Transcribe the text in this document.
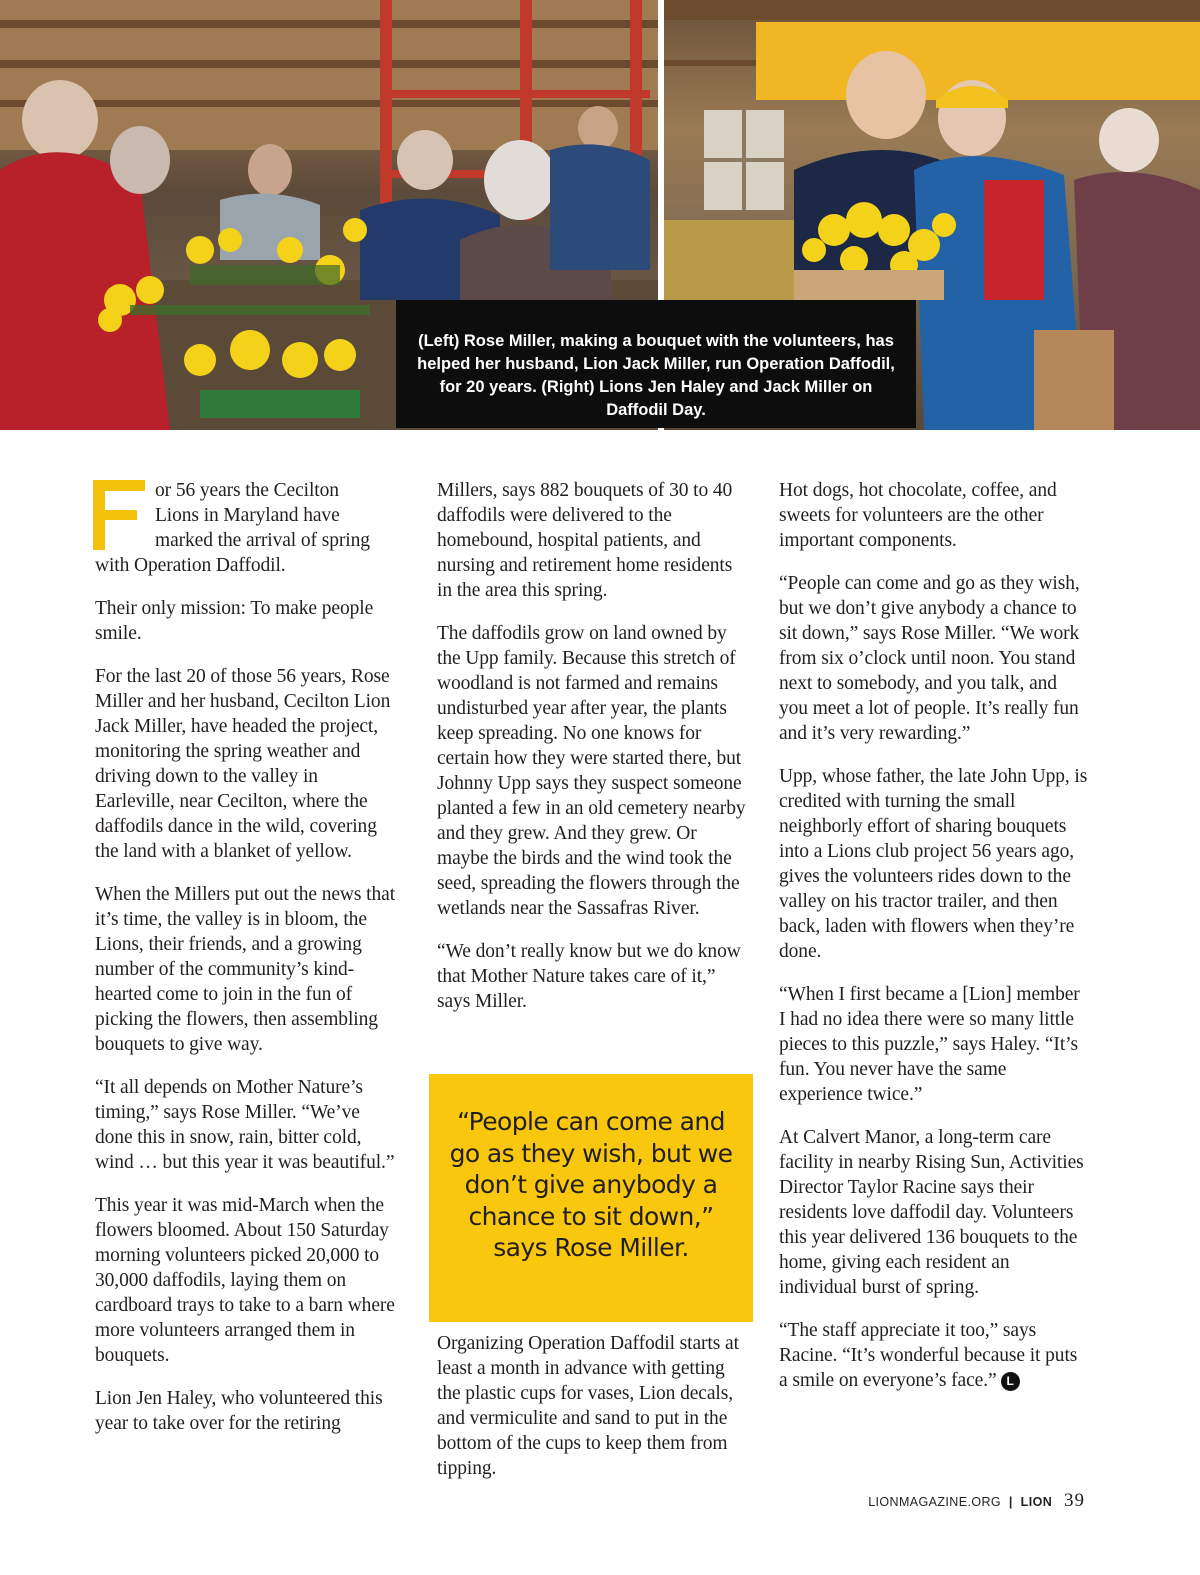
(Left) Rose Miller, making a bouquet with the volunteers, has helped her husband, Lion Jack Miller, run Operation Daffodil, for 20 years. (Right) Lions Jen Haley and Jack Miller on Daffodil Day.

or 56 years the Cecilton
Lions in Maryland have
marked the arrival of spring
with Operation Daffodil.

Their only mission: To make people smile.

For the last 20 of those 56 years, Rose Miller and her husband, Cecilton Lion Jack Miller, have headed the project, monitoring the spring weather and driving down to the valley in Earleville, near Cecilton, where the daffodils dance in the wild, covering the land with a blanket of yellow.

When the Millers put out the news that it’s time, the valley is in bloom, the Lions, their friends, and a growing number of the community’s kind-hearted come to join in the fun of picking the flowers, then assembling bouquets to give way.

“It all depends on Mother Nature’s timing,” says Rose Miller. “We’ve done this in snow, rain, bitter cold, wind … but this year it was beautiful.”

This year it was mid-March when the flowers bloomed. About 150 Saturday morning volunteers picked 20,000 to 30,000 daffodils, laying them on cardboard trays to take to a barn where more volunteers arranged them in bouquets.

Lion Jen Haley, who volunteered this year to take over for the retiring

Millers, says 882 bouquets of 30 to 40 daffodils were delivered to the homebound, hospital patients, and nursing and retirement home residents in the area this spring.

The daffodils grow on land owned by the Upp family. Because this stretch of woodland is not farmed and remains undisturbed year after year, the plants keep spreading. No one knows for certain how they were started there, but Johnny Upp says they suspect someone planted a few in an old cemetery nearby and they grew. And they grew. Or maybe the birds and the wind took the seed, spreading the flowers through the wetlands near the Sassafras River.

“We don’t really know but we do know that Mother Nature takes care of it,” says Miller.

“People can come and go as they wish, but we don’t give anybody a chance to sit down,” says Rose Miller.

Organizing Operation Daffodil starts at least a month in advance with getting the plastic cups for vases, Lion decals, and vermiculite and sand to put in the bottom of the cups to keep them from tipping.

Hot dogs, hot chocolate, coffee, and sweets for volunteers are the other important components.

“People can come and go as they wish, but we don’t give anybody a chance to sit down,” says Rose Miller. “We work from six o’clock until noon. You stand next to somebody, and you talk, and you meet a lot of people. It’s really fun and it’s very rewarding.”

Upp, whose father, the late John Upp, is credited with turning the small neighborly effort of sharing bouquets into a Lions club project 56 years ago, gives the volunteers rides down to the valley on his tractor trailer, and then back, laden with flowers when they’re done.

“When I first became a [Lion] member I had no idea there were so many little pieces to this puzzle,” says Haley. “It’s fun. You never have the same experience twice.”

At Calvert Manor, a long-term care facility in nearby Rising Sun, Activities Director Taylor Racine says their residents love daffodil day. Volunteers this year delivered 136 bouquets to the home, giving each resident an individual burst of spring.

“The staff appreciate it too,” says Racine. “It’s wonderful because it puts a smile on everyone’s face.” L

LIONMAGAZINE.ORG | LION 39
